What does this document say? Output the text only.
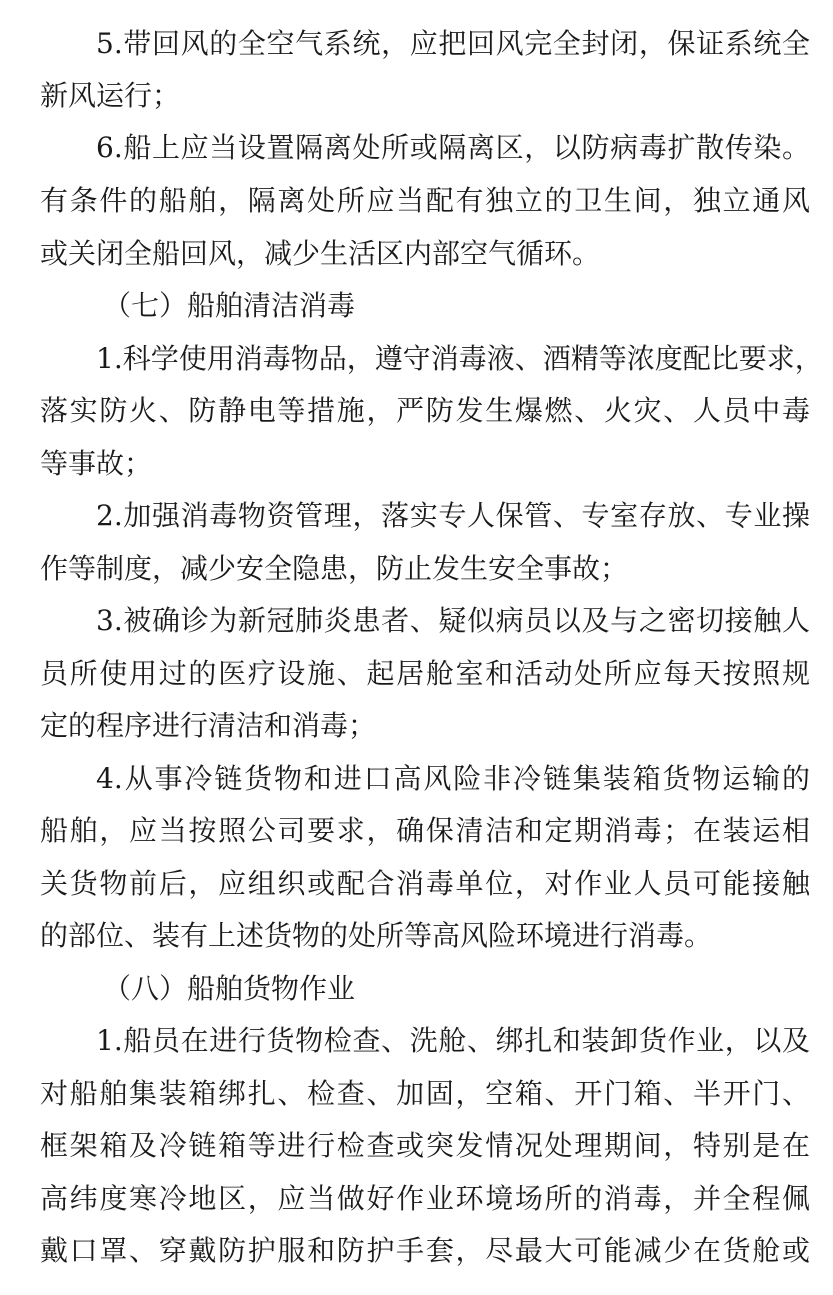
5.带回风的全空气系统，应把回风完全封闭，保证系统全
新风运行；
6.船上应当设置隔离处所或隔离区，以防病毒扩散传染。
有条件的船舶，隔离处所应当配有独立的卫生间，独立通风
或关闭全船回风，减少生活区内部空气循环。
（七）船舶清洁消毒
1.科学使用消毒物品，遵守消毒液、酒精等浓度配比要求，
落实防火、防静电等措施，严防发生爆燃、火灾、人员中毒
等事故；
2.加强消毒物资管理，落实专人保管、专室存放、专业操
作等制度，减少安全隐患，防止发生安全事故；
3.被确诊为新冠肺炎患者、疑似病员以及与之密切接触人
员所使用过的医疗设施、起居舱室和活动处所应每天按照规
定的程序进行清洁和消毒；
4.从事冷链货物和进口高风险非冷链集装箱货物运输的
船舶，应当按照公司要求，确保清洁和定期消毒；在装运相
关货物前后，应组织或配合消毒单位，对作业人员可能接触
的部位、装有上述货物的处所等高风险环境进行消毒。
（八）船舶货物作业
1.船员在进行货物检查、洗舱、绑扎和装卸货作业，以及
对船舶集装箱绑扎、检查、加固，空箱、开门箱、半开门、
框架箱及冷链箱等进行检查或突发情况处理期间，特别是在
高纬度寒冷地区，应当做好作业环境场所的消毒，并全程佩
戴口罩、穿戴防护服和防护手套，尽最大可能减少在货舱或
